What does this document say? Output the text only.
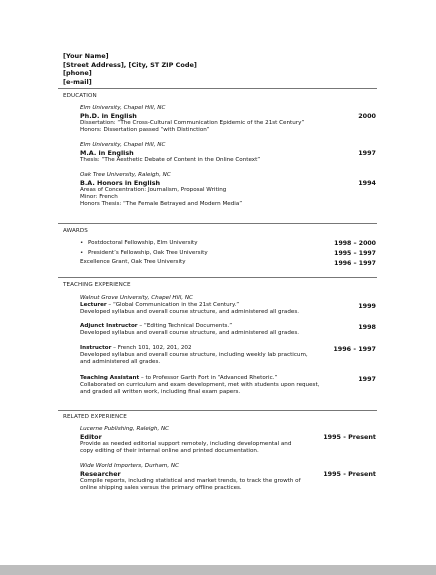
[Your Name]
[Street Address], [City, ST ZIP Code]
[phone]
[e-mail]
EDUCATION
Elm University, Chapel Hill, NC
Ph.D. in English	2000
Dissertation: “The Cross-Cultural Communication Epidemic of the 21st Century”
Honors: Dissertation passed “with Distinction”
Elm University, Chapel Hill, NC
M.A. in English	1997
Thesis: “The Aesthetic Debate of Content in the Online Context”
Oak Tree University, Raleigh, NC
B.A. Honors in English	1994
Areas of Concentration: Journalism, Proposal Writing
Minor: French
Honors Thesis: “The Female Betrayed and Modern Media”
AWARDS
• Postdoctoral Fellowship, Elm University	1998 – 2000
• President’s Fellowship, Oak Tree University	1995 – 1997
Excellence Grant, Oak Tree University	1996 – 1997
TEACHING EXPERIENCE
Walnut Grove University, Chapel Hill, NC
Lecturer – “Global Communication in the 21st Century.”	1999
Developed syllabus and overall course structure, and administered all grades.
Adjunct Instructor – “Editing Technical Documents.”	1998
Developed syllabus and overall course structure, and administered all grades.
Instructor – French 101, 102, 201, 202	1996 - 1997
Developed syllabus and overall course structure, including weekly lab practicum,
and administered all grades.
Teaching Assistant – to Professor Garth Fort in “Advanced Rhetoric.”	1997
Collaborated on curriculum and exam development, met with students upon request,
and graded all written work, including final exam papers.
RELATED EXPERIENCE
Lucerne Publishing, Raleigh, NC
Editor	1995 - Present
Provide as needed editorial support remotely, including developmental and
copy editing of their internal online and printed documentation.
Wide World Importers, Durham, NC
Researcher	1995 - Present
Compile reports, including statistical and market trends, to track the growth of
online shipping sales versus the primary offline practices.
